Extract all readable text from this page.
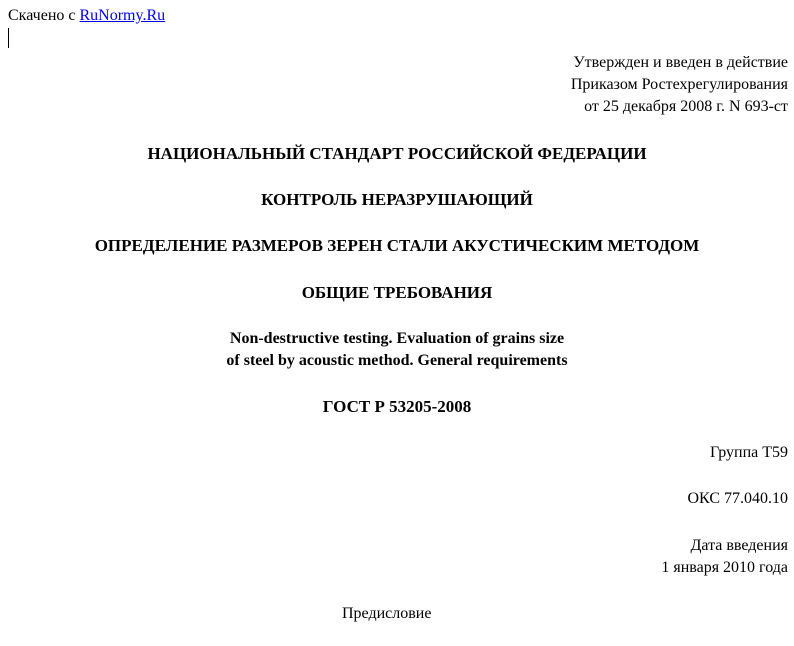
Скачено с RuNormy.Ru
Утвержден и введен в действие
Приказом Ростехрегулирования
от 25 декабря 2008 г. N 693-ст
НАЦИОНАЛЬНЫЙ СТАНДАРТ РОССИЙСКОЙ ФЕДЕРАЦИИ
КОНТРОЛЬ НЕРАЗРУШАЮЩИЙ
ОПРЕДЕЛЕНИЕ РАЗМЕРОВ ЗЕРЕН СТАЛИ АКУСТИЧЕСКИМ МЕТОДОМ
ОБЩИЕ ТРЕБОВАНИЯ
Non-destructive testing. Evaluation of grains size
of steel by acoustic method. General requirements
ГОСТ Р 53205-2008
Группа Т59
ОКС 77.040.10
Дата введения
1 января 2010 года
Предисловие
